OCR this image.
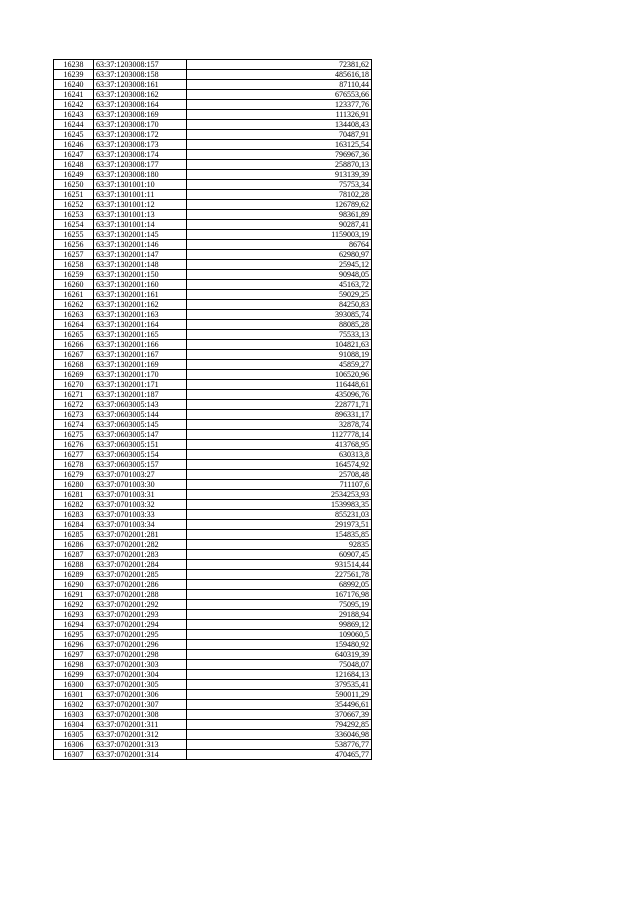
16238	63:37:1203008:157	72381,62
16239	63:37:1203008:158	485616,18
16240	63:37:1203008:161	87110,44
16241	63:37:1203008:162	676553,66
16242	63:37:1203008:164	123377,76
16243	63:37:1203008:169	111326,91
16244	63:37:1203008:170	134408,43
16245	63:37:1203008:172	70487,91
16246	63:37:1203008:173	163125,54
16247	63:37:1203008:174	796967,36
16248	63:37:1203008:177	258870,13
16249	63:37:1203008:180	913139,39
16250	63:37:1301001:10	75753,34
16251	63:37:1301001:11	78102,28
16252	63:37:1301001:12	126789,62
16253	63:37:1301001:13	98361,89
16254	63:37:1301001:14	90287,41
16255	63:37:1302001:145	1159003,19
16256	63:37:1302001:146	86764
16257	63:37:1302001:147	62980,97
16258	63:37:1302001:148	25945,12
16259	63:37:1302001:150	90948,05
16260	63:37:1302001:160	45163,72
16261	63:37:1302001:161	59029,25
16262	63:37:1302001:162	84250,83
16263	63:37:1302001:163	393085,74
16264	63:37:1302001:164	88085,28
16265	63:37:1302001:165	75533,13
16266	63:37:1302001:166	104821,63
16267	63:37:1302001:167	91088,19
16268	63:37:1302001:169	45859,27
16269	63:37:1302001:170	106520,96
16270	63:37:1302001:171	116448,61
16271	63:37:1302001:187	435096,76
16272	63:37:0603005:143	228771,71
16273	63:37:0603005:144	896331,17
16274	63:37:0603005:145	32878,74
16275	63:37:0603005:147	1127778,14
16276	63:37:0603005:151	413768,95
16277	63:37:0603005:154	630313,8
16278	63:37:0603005:157	164574,92
16279	63:37:0701003:27	25708,48
16280	63:37:0701003:30	711107,6
16281	63:37:0701003:31	2534253,93
16282	63:37:0701003:32	1539983,35
16283	63:37:0701003:33	855231,03
16284	63:37:0701003:34	291973,51
16285	63:37:0702001:281	154835,85
16286	63:37:0702001:282	92835
16287	63:37:0702001:283	60907,45
16288	63:37:0702001:284	931514,44
16289	63:37:0702001:285	227561,78
16290	63:37:0702001:286	68992,05
16291	63:37:0702001:288	167176,98
16292	63:37:0702001:292	75095,19
16293	63:37:0702001:293	29188,94
16294	63:37:0702001:294	99869,12
16295	63:37:0702001:295	109060,5
16296	63:37:0702001:296	159480,92
16297	63:37:0702001:298	640319,39
16298	63:37:0702001:303	75048,07
16299	63:37:0702001:304	121684,13
16300	63:37:0702001:305	379535,41
16301	63:37:0702001:306	590011,29
16302	63:37:0702001:307	354496,61
16303	63:37:0702001:308	370667,39
16304	63:37:0702001:311	794292,85
16305	63:37:0702001:312	336046,98
16306	63:37:0702001:313	538776,77
16307	63:37:0702001:314	470465,77
